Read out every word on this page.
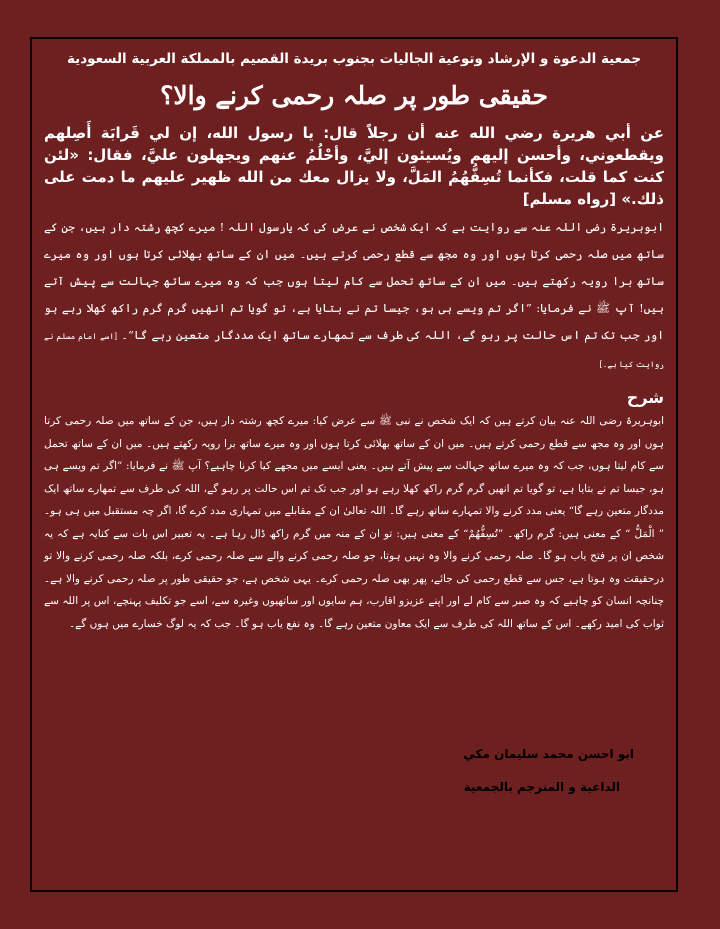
جمعية الدعوة و الإرشاد وتوعية الجاليات بجنوب بريدة القصيم بالمملكة العربية السعودية
حقیقی طور پر صلہ رحمی کرنے والا؟
عن أبي هريرة رضي الله عنه أن رجلاً قال: يا رسول الله، إن لي قَرابَة أَصِلهم ويقطعوني، وأحسن إليهم ويُسيئون إليَّ، وأحْلُمُ عنهم ويجهلون عليَّ، فقال: «لئن كنت كما قلت، فكأنما تُسِفُّهُمُ المَلَّ، ولا يزال معك من الله ظهير عليهم ما دمت على ذلك.» [رواه مسلم]
ابوہریرۃ رضی اللہ عنہ سے روایت ہے کہ ایک شخص نے عرض کی کہ یارسول اللہ ! میرے کچھ رشتہ دار ہیں، جن کے ساتھ میں صلہ رحمی کرتا ہوں اور وہ مجھ سے قطع رحمی کرتے ہیں۔ میں ان کے ساتھ بھلائی کرتا ہوں اور وہ میرے ساتھ برا رویہ رکھتے ہیں۔ میں ان کے ساتھ تحمل سے کام لیتا ہوں جب کہ وہ میرے ساتھ جہالت سے پیش آتے ہیں! آپ ﷺ نے فرمایا: ”اگر تم ویسے ہی ہو، جیسا تم نے بتایا ہے، تو گویا تم انھیں گرم گرم راکھ کھلا رہے ہو اور جب تک تم اس حالت پر رہو گے، اللہ کی طرف سے تمھارے ساتھ ایک مددگار متعین رہے گا“۔ [اسے امام مسلم نے روایت کیا ہے۔]
شرح
ابوہریرۃ رضی اللہ عنہ بیان کرتے ہیں کہ ایک شخص نے نبی ﷺ سے عرض کیا: میرے کچھ رشتہ دار ہیں، جن کے ساتھ میں صلہ رحمی کرتا ہوں اور وہ مجھ سے قطع رحمی کرتے ہیں۔ میں ان کے ساتھ بھلائی کرتا ہوں اور وہ میرے ساتھ برا رویہ رکھتے ہیں۔ میں ان کے ساتھ تحمل سے کام لیتا ہوں، جب کہ وہ میرے ساتھ جہالت سے پیش آتے ہیں۔ یعنی ایسے میں مجھے کیا کرنا چاہیے؟ آپ ﷺ نے فرمایا: ”اگر تم ویسے ہی ہو، جیسا تم نے بتایا ہے، تو گویا تم انھیں گرم گرم راکھ کھلا رہے ہو اور جب تک تم اس حالت پر رہو گے، اللہ کی طرف سے تمھارے ساتھ ایک مددگار متعین رہے گا“ یعنی مدد کرنے والا تمہارے ساتھ رہے گا۔ اللہ تعالیٰ ان کے مقابلے میں تمہاری مدد کرے گا، اگر چہ مستقبل میں ہی ہو۔ ” الْمَلُّ “ کے معنی ہیں: گرم راکھ۔ ”تُسِفُّهُمْ“ کے معنی ہیں: تو ان کے منہ میں گرم راکھ ڈال رہا ہے۔ یہ تعبیر اس بات سے کنایہ ہے کہ یہ شخص ان پر فتح یاب ہو گا۔ صلہ رحمی کرنے والا وہ نہیں ہوتا، جو صلہ رحمی کرنے والے سے صلہ رحمی کرے، بلکہ صلہ رحمی کرنے والا تو درحقیقت وہ ہوتا ہے، جس سے قطع رحمی کی جائے، پھر بھی صلہ رحمی کرے۔ یہی شخص ہے، جو حقیقی طور پر صلہ رحمی کرنے والا ہے۔ چنانچہ انسان کو چاہیے کہ وہ صبر سے کام لے اور اپنے عزیزو اقارب، ہم سایوں اور ساتھیوں وغیرہ سے، اسے جو تکلیف پہنچے، اس پر اللہ سے ثواب کی امید رکھے۔ اس کے ساتھ اللہ کی طرف سے ایک معاون متعین رہے گا۔ وہ نفع یاب ہو گا۔ جب کہ یہ لوگ خسارے میں ہوں گے۔
ابو احسن محمد سليمان مكي
الداعية و المنرجم بالجمعية
